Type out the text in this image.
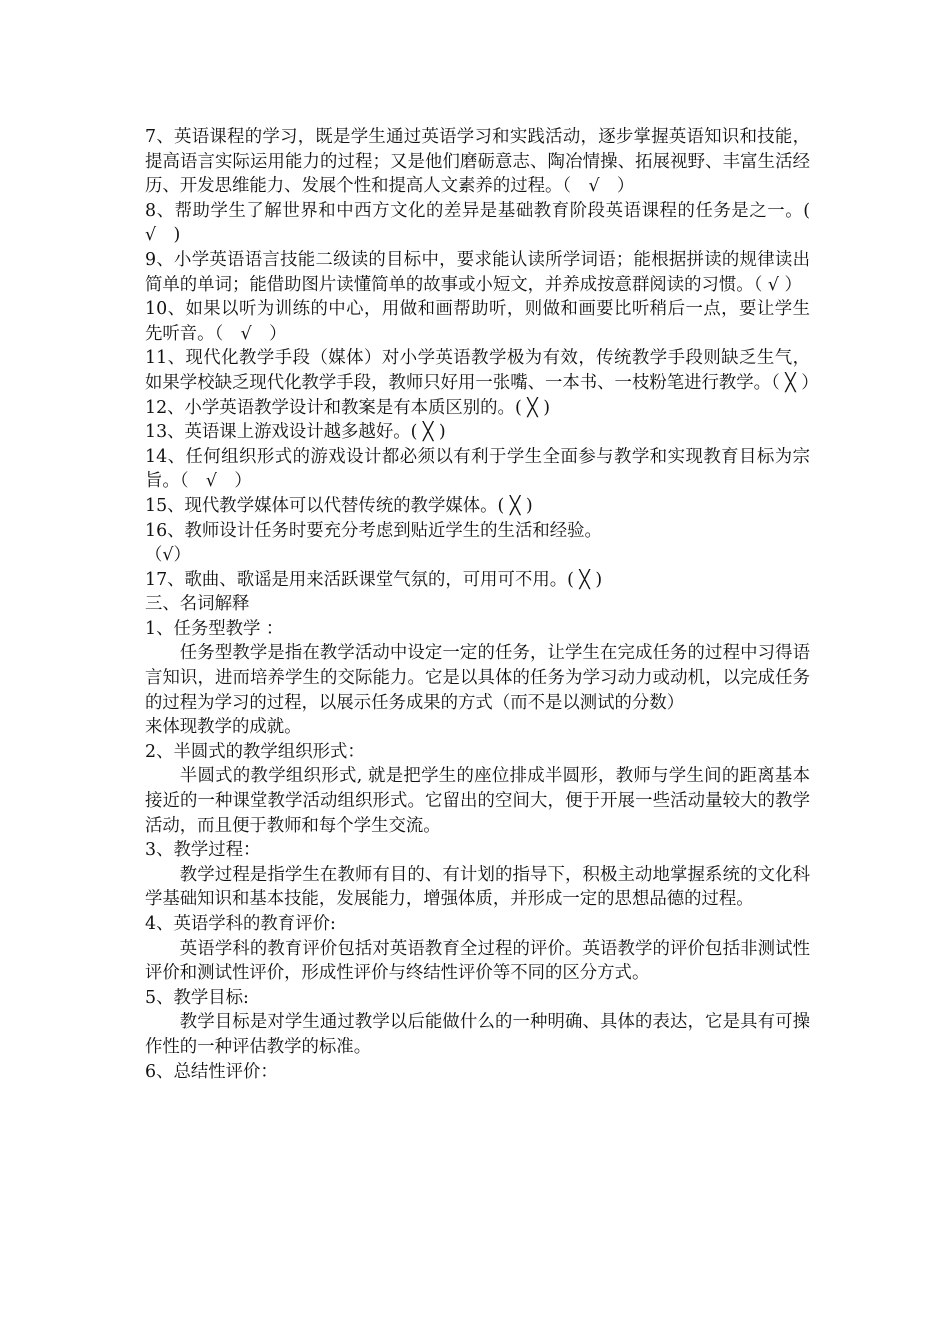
7、英语课程的学习，既是学生通过英语学习和实践活动，逐步掌握英语知识和技能，提高语言实际运用能力的过程；又是他们磨砺意志、陶冶情操、拓展视野、丰富生活经历、开发思维能力、发展个性和提高人文素养的过程。（　√　）

8、帮助学生了解世界和中西方文化的差异是基础教育阶段英语课程的任务是之一。(　√　)

9、小学英语语言技能二级读的目标中，要求能认读所学词语；能根据拼读的规律读出简单的单词；能借助图片读懂简单的故事或小短文，并养成按意群阅读的习惯。（ √ ）

10、如果以听为训练的中心，用做和画帮助听，则做和画要比听稍后一点，要让学生先听音。（　√　）

11、现代化教学手段（媒体）对小学英语教学极为有效，传统教学手段则缺乏生气，如果学校缺乏现代化教学手段，教师只好用一张嘴、一本书、一枝粉笔进行教学。（ ╳ ）

12、小学英语教学设计和教案是有本质区别的。( ╳ )

13、英语课上游戏设计越多越好。( ╳ )

14、任何组织形式的游戏设计都必须以有利于学生全面参与教学和实现教育目标为宗旨。（　√　）

15、现代教学媒体可以代替传统的教学媒体。( ╳ )

16、教师设计任务时要充分考虑到贴近学生的生活和经验。

（√）

17、歌曲、歌谣是用来活跃课堂气氛的，可用可不用。( ╳ )

三、名词解释

1、任务型教学 ：

任务型教学是指在教学活动中设定一定的任务，让学生在完成任务的过程中习得语言知识，进而培养学生的交际能力。它是以具体的任务为学习动力或动机，以完成任务的过程为学习的过程，以展示任务成果的方式（而不是以测试的分数）

来体现教学的成就。

2、半圆式的教学组织形式：

半圆式的教学组织形式, 就是把学生的座位排成半圆形，教师与学生间的距离基本接近的一种课堂教学活动组织形式。它留出的空间大，便于开展一些活动量较大的教学活动，而且便于教师和每个学生交流。

3、教学过程：

教学过程是指学生在教师有目的、有计划的指导下，积极主动地掌握系统的文化科学基础知识和基本技能，发展能力，增强体质，并形成一定的思想品德的过程。

4、英语学科的教育评价:

英语学科的教育评价包括对英语教育全过程的评价。英语教学的评价包括非测试性评价和测试性评价，形成性评价与终结性评价等不同的区分方式。

5、教学目标:

教学目标是对学生通过教学以后能做什么的一种明确、具体的表达，它是具有可操作性的一种评估教学的标准。

6、总结性评价：
